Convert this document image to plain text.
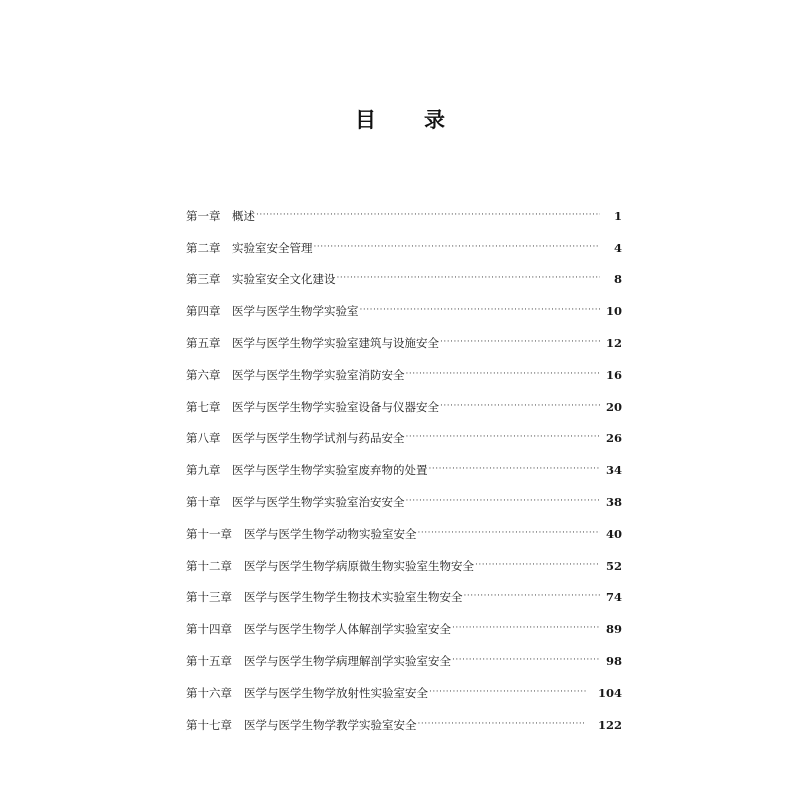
目 录
第一章	概述 ·····	1
第二章	实验室安全管理 ·····	4
第三章	实验室安全文化建设 ·····	8
第四章	医学与医学生物学实验室 ·····	10
第五章	医学与医学生物学实验室建筑与设施安全 ·····	12
第六章	医学与医学生物学实验室消防安全 ·····	16
第七章	医学与医学生物学实验室设备与仪器安全 ·····	20
第八章	医学与医学生物学试剂与药品安全 ·····	26
第九章	医学与医学生物学实验室废弃物的处置 ·····	34
第十章	医学与医学生物学实验室治安安全 ·····	38
第十一章	医学与医学生物学动物实验室安全 ·····	40
第十二章	医学与医学生物学病原微生物实验室生物安全 ·····	52
第十三章	医学与医学生物学生物技术实验室生物安全 ·····	74
第十四章	医学与医学生物学人体解剖学实验室安全 ·····	89
第十五章	医学与医学生物学病理解剖学实验室安全 ·····	98
第十六章	医学与医学生物学放射性实验室安全 ·····	104
第十七章	医学与医学生物学教学实验室安全 ·····	122
